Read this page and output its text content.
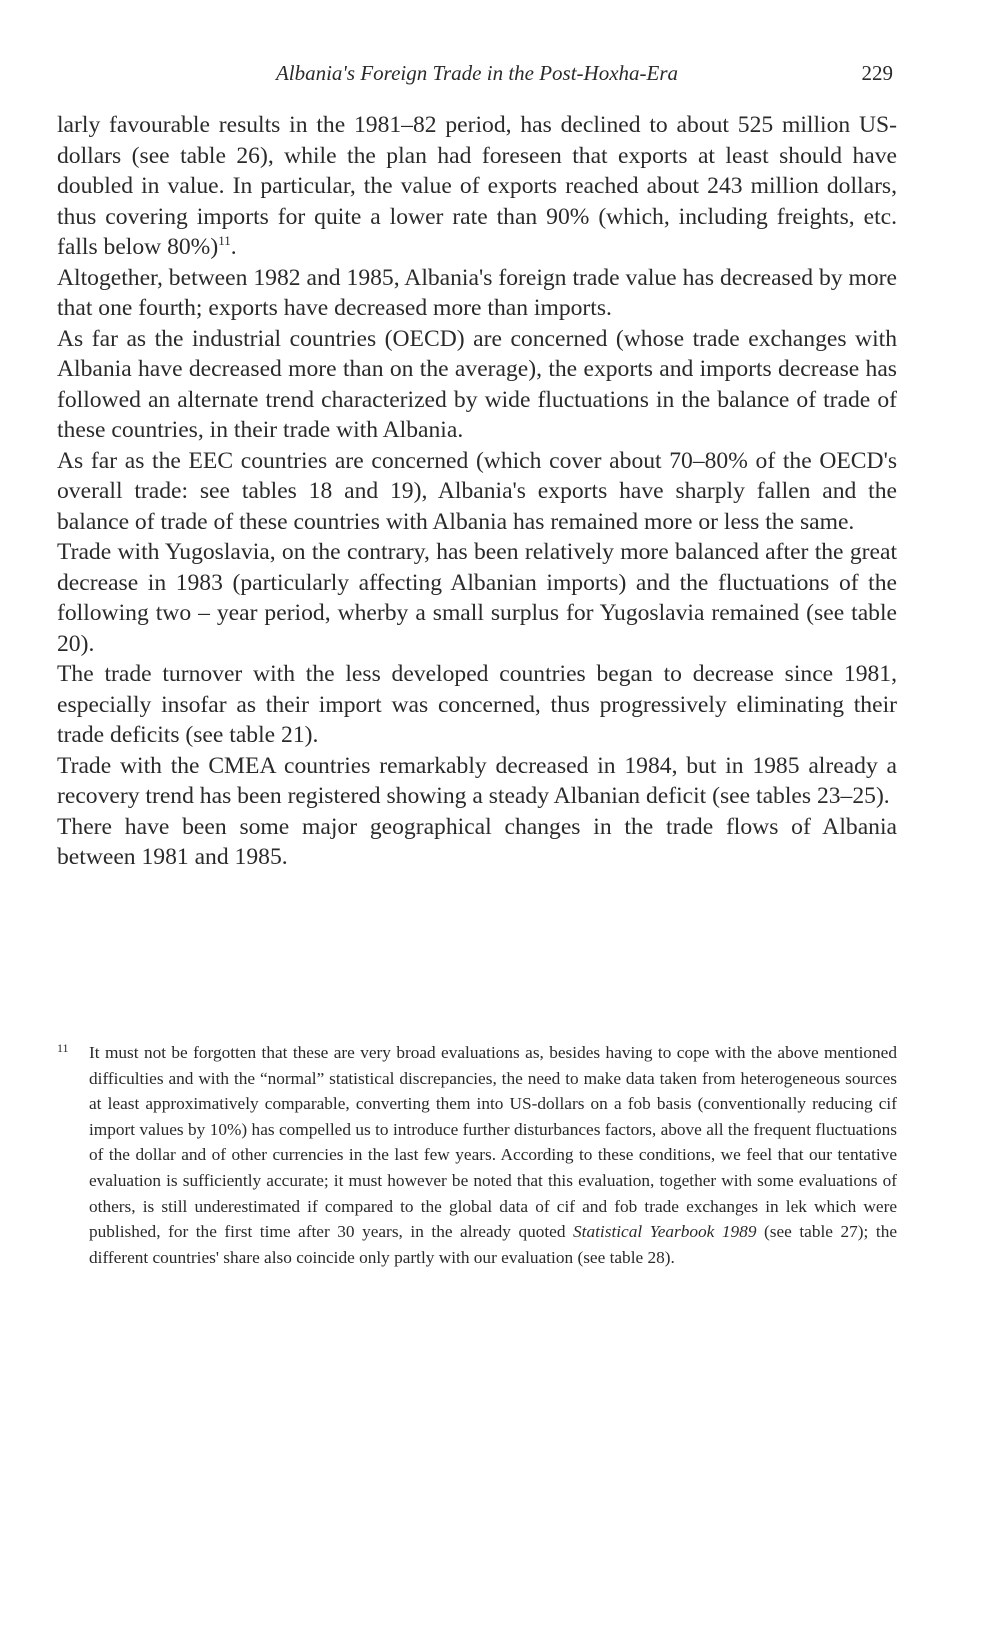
Albania's Foreign Trade in the Post-Hoxha-Era	229

larly favourable results in the 1981–82 period, has declined to about 525 million US-dollars (see table 26), while the plan had foreseen that exports at least should have doubled in value. In particular, the value of exports reached about 243 million dollars, thus covering imports for quite a lower rate than 90% (which, including freights, etc. falls below 80%)$^{11}$.

Altogether, between 1982 and 1985, Albania's foreign trade value has decreased by more that one fourth; exports have decreased more than imports.

As far as the industrial countries (OECD) are concerned (whose trade exchanges with Albania have decreased more than on the average), the exports and imports decrease has followed an alternate trend characterized by wide fluctuations in the balance of trade of these countries, in their trade with Albania.

As far as the EEC countries are concerned (which cover about 70–80% of the OECD's overall trade: see tables 18 and 19), Albania's exports have sharply fallen and the balance of trade of these countries with Albania has remained more or less the same.

Trade with Yugoslavia, on the contrary, has been relatively more balanced after the great decrease in 1983 (particularly affecting Albanian imports) and the fluctuations of the following two – year period, wherby a small surplus for Yugoslavia remained (see table 20).

The trade turnover with the less developed countries began to decrease since 1981, especially insofar as their import was concerned, thus progressively eliminating their trade deficits (see table 21).

Trade with the CMEA countries remarkably decreased in 1984, but in 1985 already a recovery trend has been registered showing a steady Albanian deficit (see tables 23–25).

There have been some major geographical changes in the trade flows of Albania between 1981 and 1985.

11 It must not be forgotten that these are very broad evaluations as, besides having to cope with the above mentioned difficulties and with the “normal” statistical discrepancies, the need to make data taken from heterogeneous sources at least approximatively comparable, converting them into US-dollars on a fob basis (conventionally reducing cif import values by 10%) has compelled us to introduce further disturbances factors, above all the frequent fluctuations of the dollar and of other currencies in the last few years. According to these conditions, we feel that our tentative evaluation is sufficiently accurate; it must however be noted that this evaluation, together with some evaluations of others, is still underestimated if compared to the global data of cif and fob trade exchanges in lek which were published, for the first time after 30 years, in the already quoted Statistical Yearbook 1989 (see table 27); the different countries' share also coincide only partly with our evaluation (see table 28).
